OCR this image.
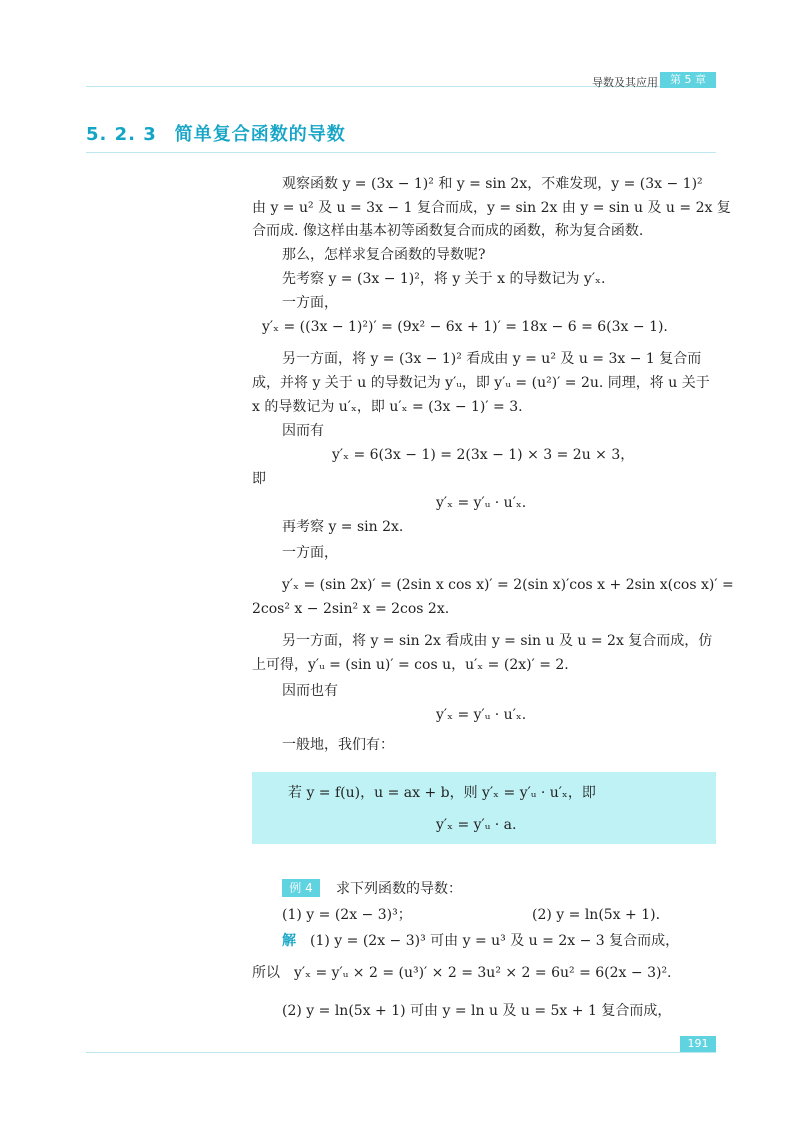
导数及其应用	第 5 章
5. 2. 3 简单复合函数的导数
观察函数 y = (3x − 1)² 和 y = sin 2x，不难发现，y = (3x − 1)²
由 y = u² 及 u = 3x − 1 复合而成，y = sin 2x 由 y = sin u 及 u = 2x 复
合而成. 像这样由基本初等函数复合而成的函数，称为复合函数.
那么，怎样求复合函数的导数呢?
先考察 y = (3x − 1)²，将 y 关于 x 的导数记为 y′ₓ.
一方面，
y′ₓ = ((3x − 1)²)′ = (9x² − 6x + 1)′ = 18x − 6 = 6(3x − 1).
另一方面，将 y = (3x − 1)² 看成由 y = u² 及 u = 3x − 1 复合而
成，并将 y 关于 u 的导数记为 y′ᵤ，即 y′ᵤ = (u²)′ = 2u. 同理，将 u 关于
x 的导数记为 u′ₓ，即 u′ₓ = (3x − 1)′ = 3.
因而有
y′ₓ = 6(3x − 1) = 2(3x − 1) × 3 = 2u × 3，
即
y′ₓ = y′ᵤ · u′ₓ.
再考察 y = sin 2x.
一方面，
y′ₓ = (sin 2x)′ = (2sin x cos x)′ = 2(sin x)′cos x + 2sin x(cos x)′ =
2cos² x − 2sin² x = 2cos 2x.
另一方面，将 y = sin 2x 看成由 y = sin u 及 u = 2x 复合而成，仿
上可得，y′ᵤ = (sin u)′ = cos u，u′ₓ = (2x)′ = 2.
因而也有
y′ₓ = y′ᵤ · u′ₓ.
一般地，我们有：
若 y = f(u)，u = ax + b，则 y′ₓ = y′ᵤ · u′ₓ，即
y′ₓ = y′ᵤ · a.
例 4	求下列函数的导数：
(1) y = (2x − 3)³；	(2) y = ln(5x + 1).
解  (1) y = (2x − 3)³ 可由 y = u³ 及 u = 2x − 3 复合而成，
所以　y′ₓ = y′ᵤ × 2 = (u³)′ × 2 = 3u² × 2 = 6u² = 6(2x − 3)².
(2) y = ln(5x + 1) 可由 y = ln u 及 u = 5x + 1 复合而成，
191
